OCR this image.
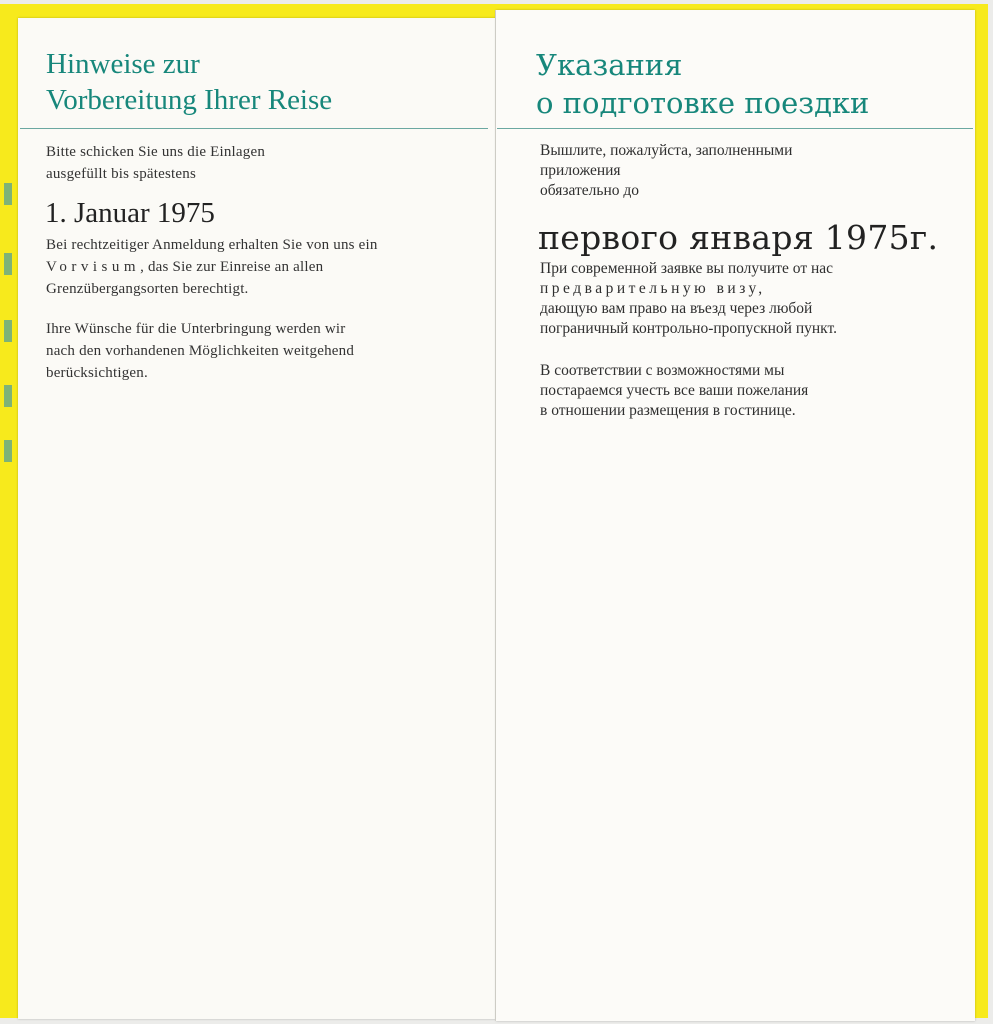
Hinweise zur
Vorbereitung Ihrer Reise

Bitte schicken Sie uns die Einlagen
ausgefüllt bis spätestens

1. Januar 1975

Bei rechtzeitiger Anmeldung erhalten Sie von uns ein
Vorvisum, das Sie zur Einreise an allen
Grenzübergangsorten berechtigt.

Ihre Wünsche für die Unterbringung werden wir
nach den vorhandenen Möglichkeiten weitgehend
berücksichtigen.

Указания
о подготовке поездки

Вышлите, пожалуйста, заполненными
приложения
обязательно до

первого января 1975г.

При современной заявке вы получите от нас
предварительную визу,
дающую вам право на въезд через любой
пограничный контрольно-пропускной пункт.

В соответствии с возможностями мы
постараемся учесть все ваши пожелания
в отношении размещения в гостинице.
